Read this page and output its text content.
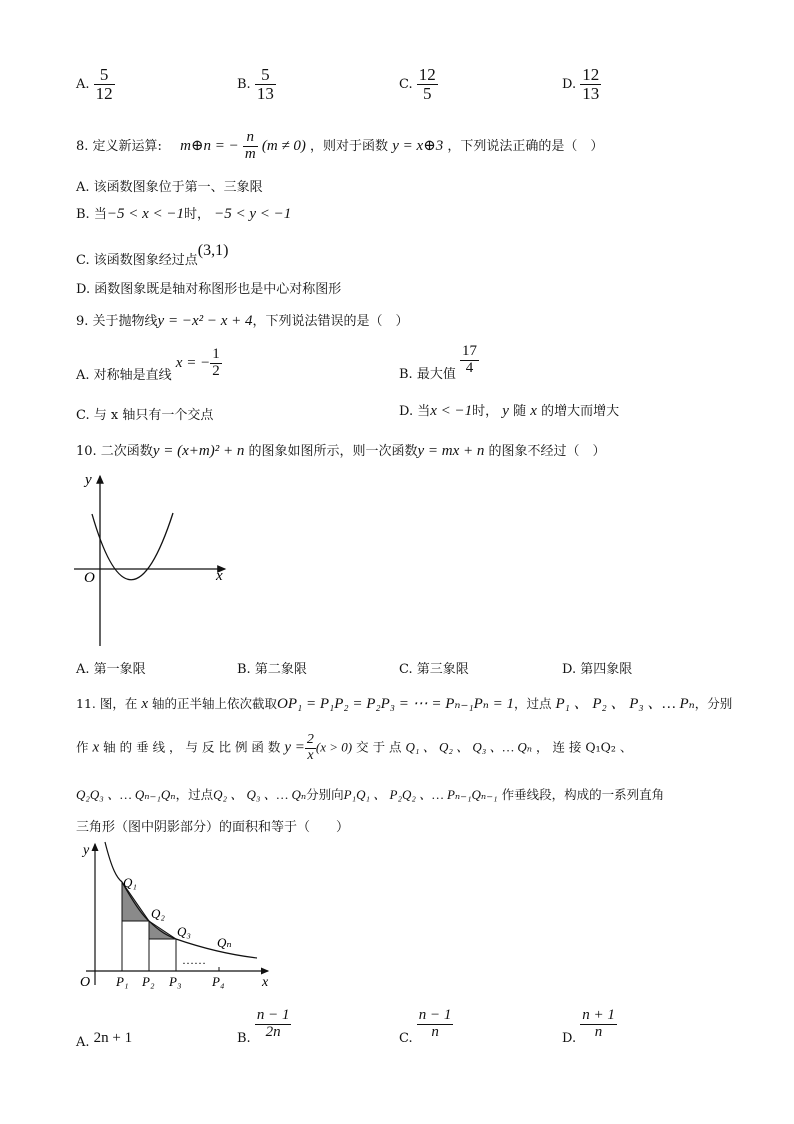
A. $\frac{5}{12}$	B. $\frac{5}{13}$	C. $\frac{12}{5}$	D. $\frac{12}{13}$
8. 定义新运算: m⊕n = − $\frac{n}{m} (m \ne 0)$ ，则对于函数 y = x⊕3 ，下列说法正确的是（　）
A. 该函数图象位于第一、三象限
B. 当−5 < x < −1时， −5 < y < −1
C. 该函数图象经过点(3,1)
D. 函数图象既是轴对称图形也是中心对称图形
9. 关于抛物线y = −x² − x + 4，下列说法错误的是（　）
A. 对称轴是直线 x = − $\frac{1}{2}$	B. 最大值 $\frac{17}{4}$
C. 与 x 轴只有一个交点	D. 当x < −1时， y 随 x 的增大而增大
10. 二次函数y = (x+m)² + n 的图象如图所示，则一次函数y = mx + n 的图象不经过（　）
y
x
O
A. 第一象限	B. 第二象限	C. 第三象限	D. 第四象限
11. 图，在 x 轴的正半轴上依次截取OP₁ = P₁P₂ = P₂P₃ = ⋯ = Pₙ₋₁Pₙ = 1，过点 P₁ 、 P₂ 、 P₃ 、… Pₙ，分别
作 x 轴 的 垂 线 ， 与 反 比 例 函 数 $y = \frac{2}{x} (x > 0)$ 交 于 点 Q₁ 、 Q₂ 、 Q₃ 、… Qₙ ， 连 接 Q₁Q₂ 、
Q₂Q₃ 、… Qₙ₋₁Qₙ，过点Q₂ 、 Q₃ 、… Qₙ分别向P₁Q₁ 、 P₂Q₂ 、… Pₙ₋₁Qₙ₋₁ 作垂线段，构成的一系列直角
三角形（图中阴影部分）的面积和等于（　　）
y
x
O
Q₁
Q₂
Q₃
Qₙ
P₁ P₂ P₃ P₄
……
A. 2n + 1	B. $\frac{n - 1}{2n}$	C. $\frac{n - 1}{n}$	D. $\frac{n + 1}{n}$
